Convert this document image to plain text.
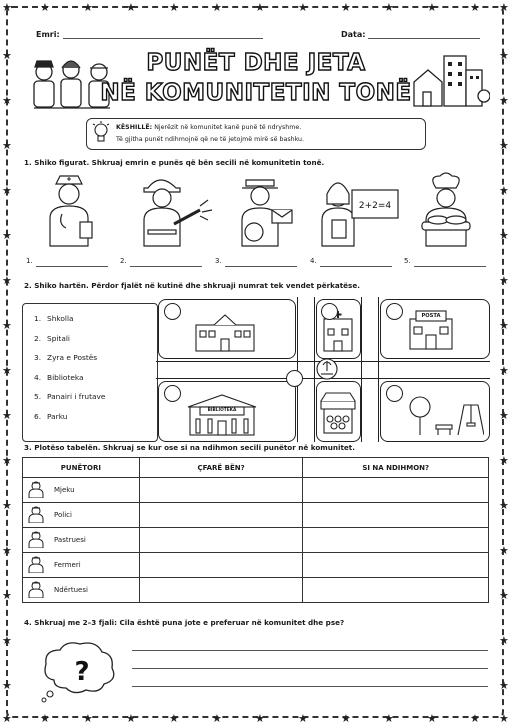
★
★
★
★
★
★
★
★
★
★
★
★
★
★
★
★
★
★
★
★
★
★
★	★
★	★
★	★
★	★
★	★
★	★
★	★
★	★
★	★
★	★
★	★
★	★
★	★
★	★
★	★
★	★
★	★
Emri:	Data:
PUNËT DHE JETA
NË KOMUNITETIN TONË
KËSHILLË: Njerëzit në komunitet kanë punë të ndryshme.
Të gjitha punët ndihmojnë që ne të jetojmë mirë së bashku.
1. Shiko figurat. Shkruaj emrin e punës që bën secili në komunitetin tonë.
2+2=4
1.	2.	3.	4.	5.
2. Shiko hartën. Përdor fjalët në kutinë dhe shkruaji numrat tek vendet përkatëse.
1. Shkolla
2. Spitali
3. Zyra e Postës
4. Biblioteka
5. Panairi i frutave
6. Parku
POSTA
BIBLIOTEKA
3. Plotëso tabelën. Shkruaj se kur ose si na ndihmon secili punëtor në komunitet.
PUNËTORI	ÇFARË BËN?	SI NA NDIHMON?

Mjeku		

Polici		

Pastruesi		

Fermeri		

Ndërtuesi		

4. Shkruaj me 2–3 fjali: Cila është puna jote e preferuar në komunitet dhe pse?
?
